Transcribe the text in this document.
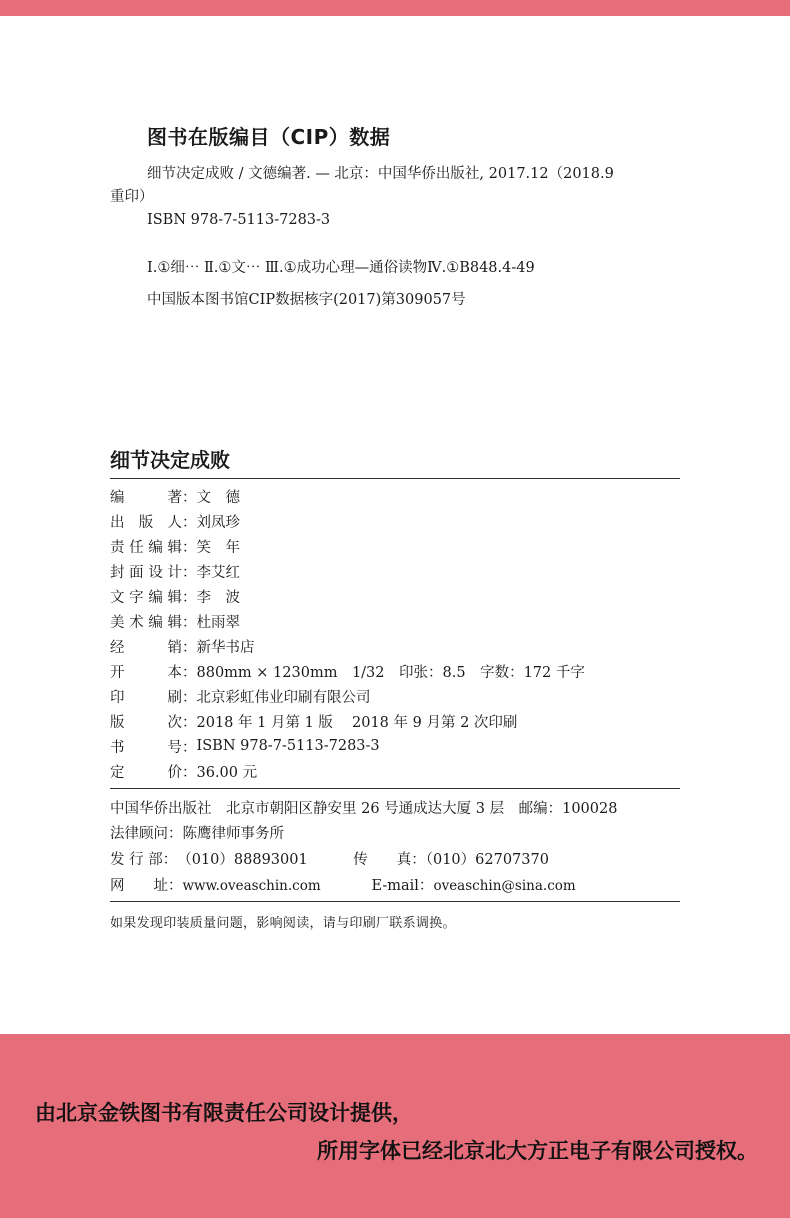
图书在版编目（CIP）数据
细节决定成败 / 文德编著. — 北京：中国华侨出版社, 2017.12（2018.9
重印）
ISBN 978-7-5113-7283-3
Ⅰ.①细⋯ Ⅱ.①文⋯ Ⅲ.①成功心理—通俗读物Ⅳ.①B848.4-49
中国版本图书馆CIP数据核字(2017)第309057号
细节决定成败
编著 ： 文　德
出版人 ： 刘凤珍
责任编辑 ： 笑　年
封面设计 ： 李艾红
文字编辑 ： 李　波
美术编辑 ： 杜雨翠
经销 ： 新华书店
开本 ： 880mm × 1230mm　1/32　印张：8.5　字数：172 千字
印刷 ： 北京彩虹伟业印刷有限公司
版次 ： 2018 年 1 月第 1 版　 2018 年 9 月第 2 次印刷
书号 ： ISBN 978-7-5113-7283-3
定价 ： 36.00 元
中国华侨出版社　北京市朝阳区静安里 26 号通成达大厦 3 层　邮编：100028
法律顾问：陈鹰律师事务所
发 行 部：（010）88893001	传　　真：（010）62707370
网　　址：www.oveaschin.com	E-mail：oveaschin@sina.com
如果发现印装质量问题，影响阅读，请与印刷厂联系调换。
由北京金铁图书有限责任公司设计提供，
所用字体已经北京北大方正电子有限公司授权。
